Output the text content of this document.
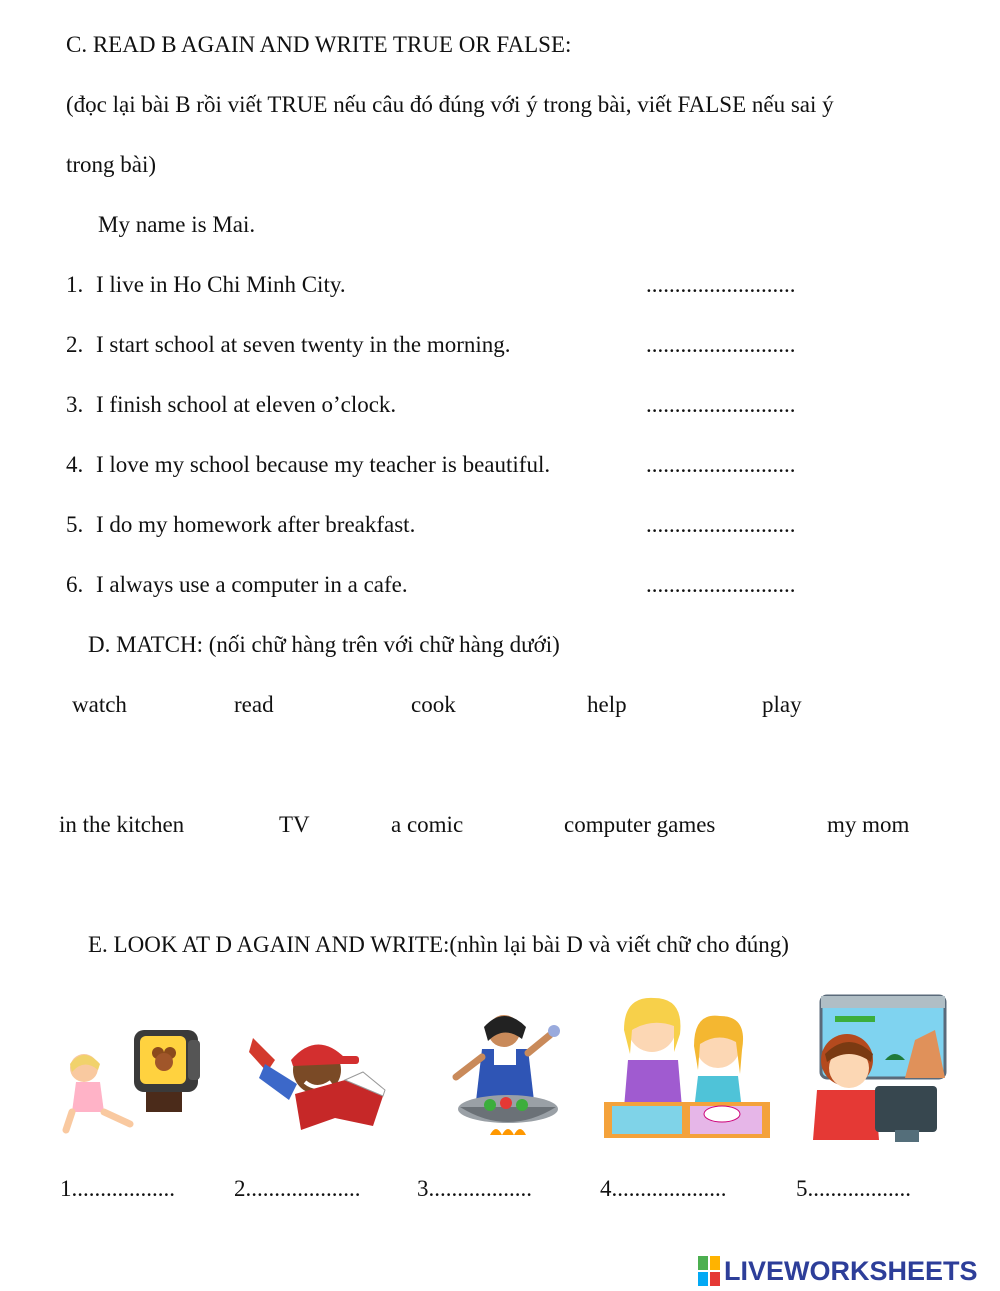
C. READ B AGAIN AND WRITE TRUE OR FALSE:
(đọc lại bài B rồi viết TRUE nếu câu đó đúng với ý trong bài, viết FALSE nếu sai ý
trong bài)
My name is Mai.
1. I live in Ho Chi Minh City.	..........................
2. I start school at seven twenty in the morning.	..........................
3. I finish school at eleven o’clock.	..........................
4. I love my school because my teacher is beautiful.	..........................
5. I do my homework after breakfast.	..........................
6. I always use a computer in a cafe.	..........................
D. MATCH: (nối chữ hàng trên với chữ hàng dưới)
watch	read	cook	help	play
in the kitchen	TV	a comic	computer games	my mom
E. LOOK AT D AGAIN AND WRITE:(nhìn lại bài D và viết chữ cho đúng)
1..................	2.................... 3..................	4....................	5..................
LIVEWORKSHEETS
